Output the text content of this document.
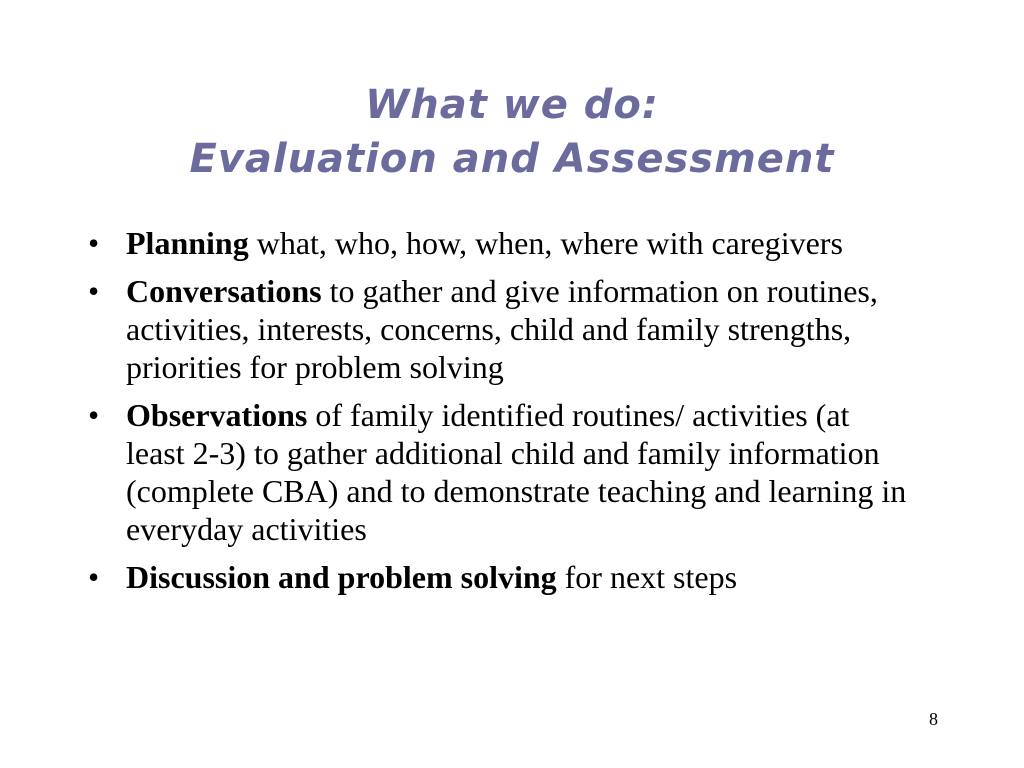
What we do:
Evaluation and Assessment
• Planning what, who, how, when, where with caregivers
• Conversations to gather and give information on routines, activities, interests, concerns, child and family strengths, priorities for problem solving
• Observations of family identified routines/ activities (at least 2-3) to gather additional child and family information (complete CBA) and to demonstrate teaching and learning in everyday activities
• Discussion and problem solving for next steps
8
